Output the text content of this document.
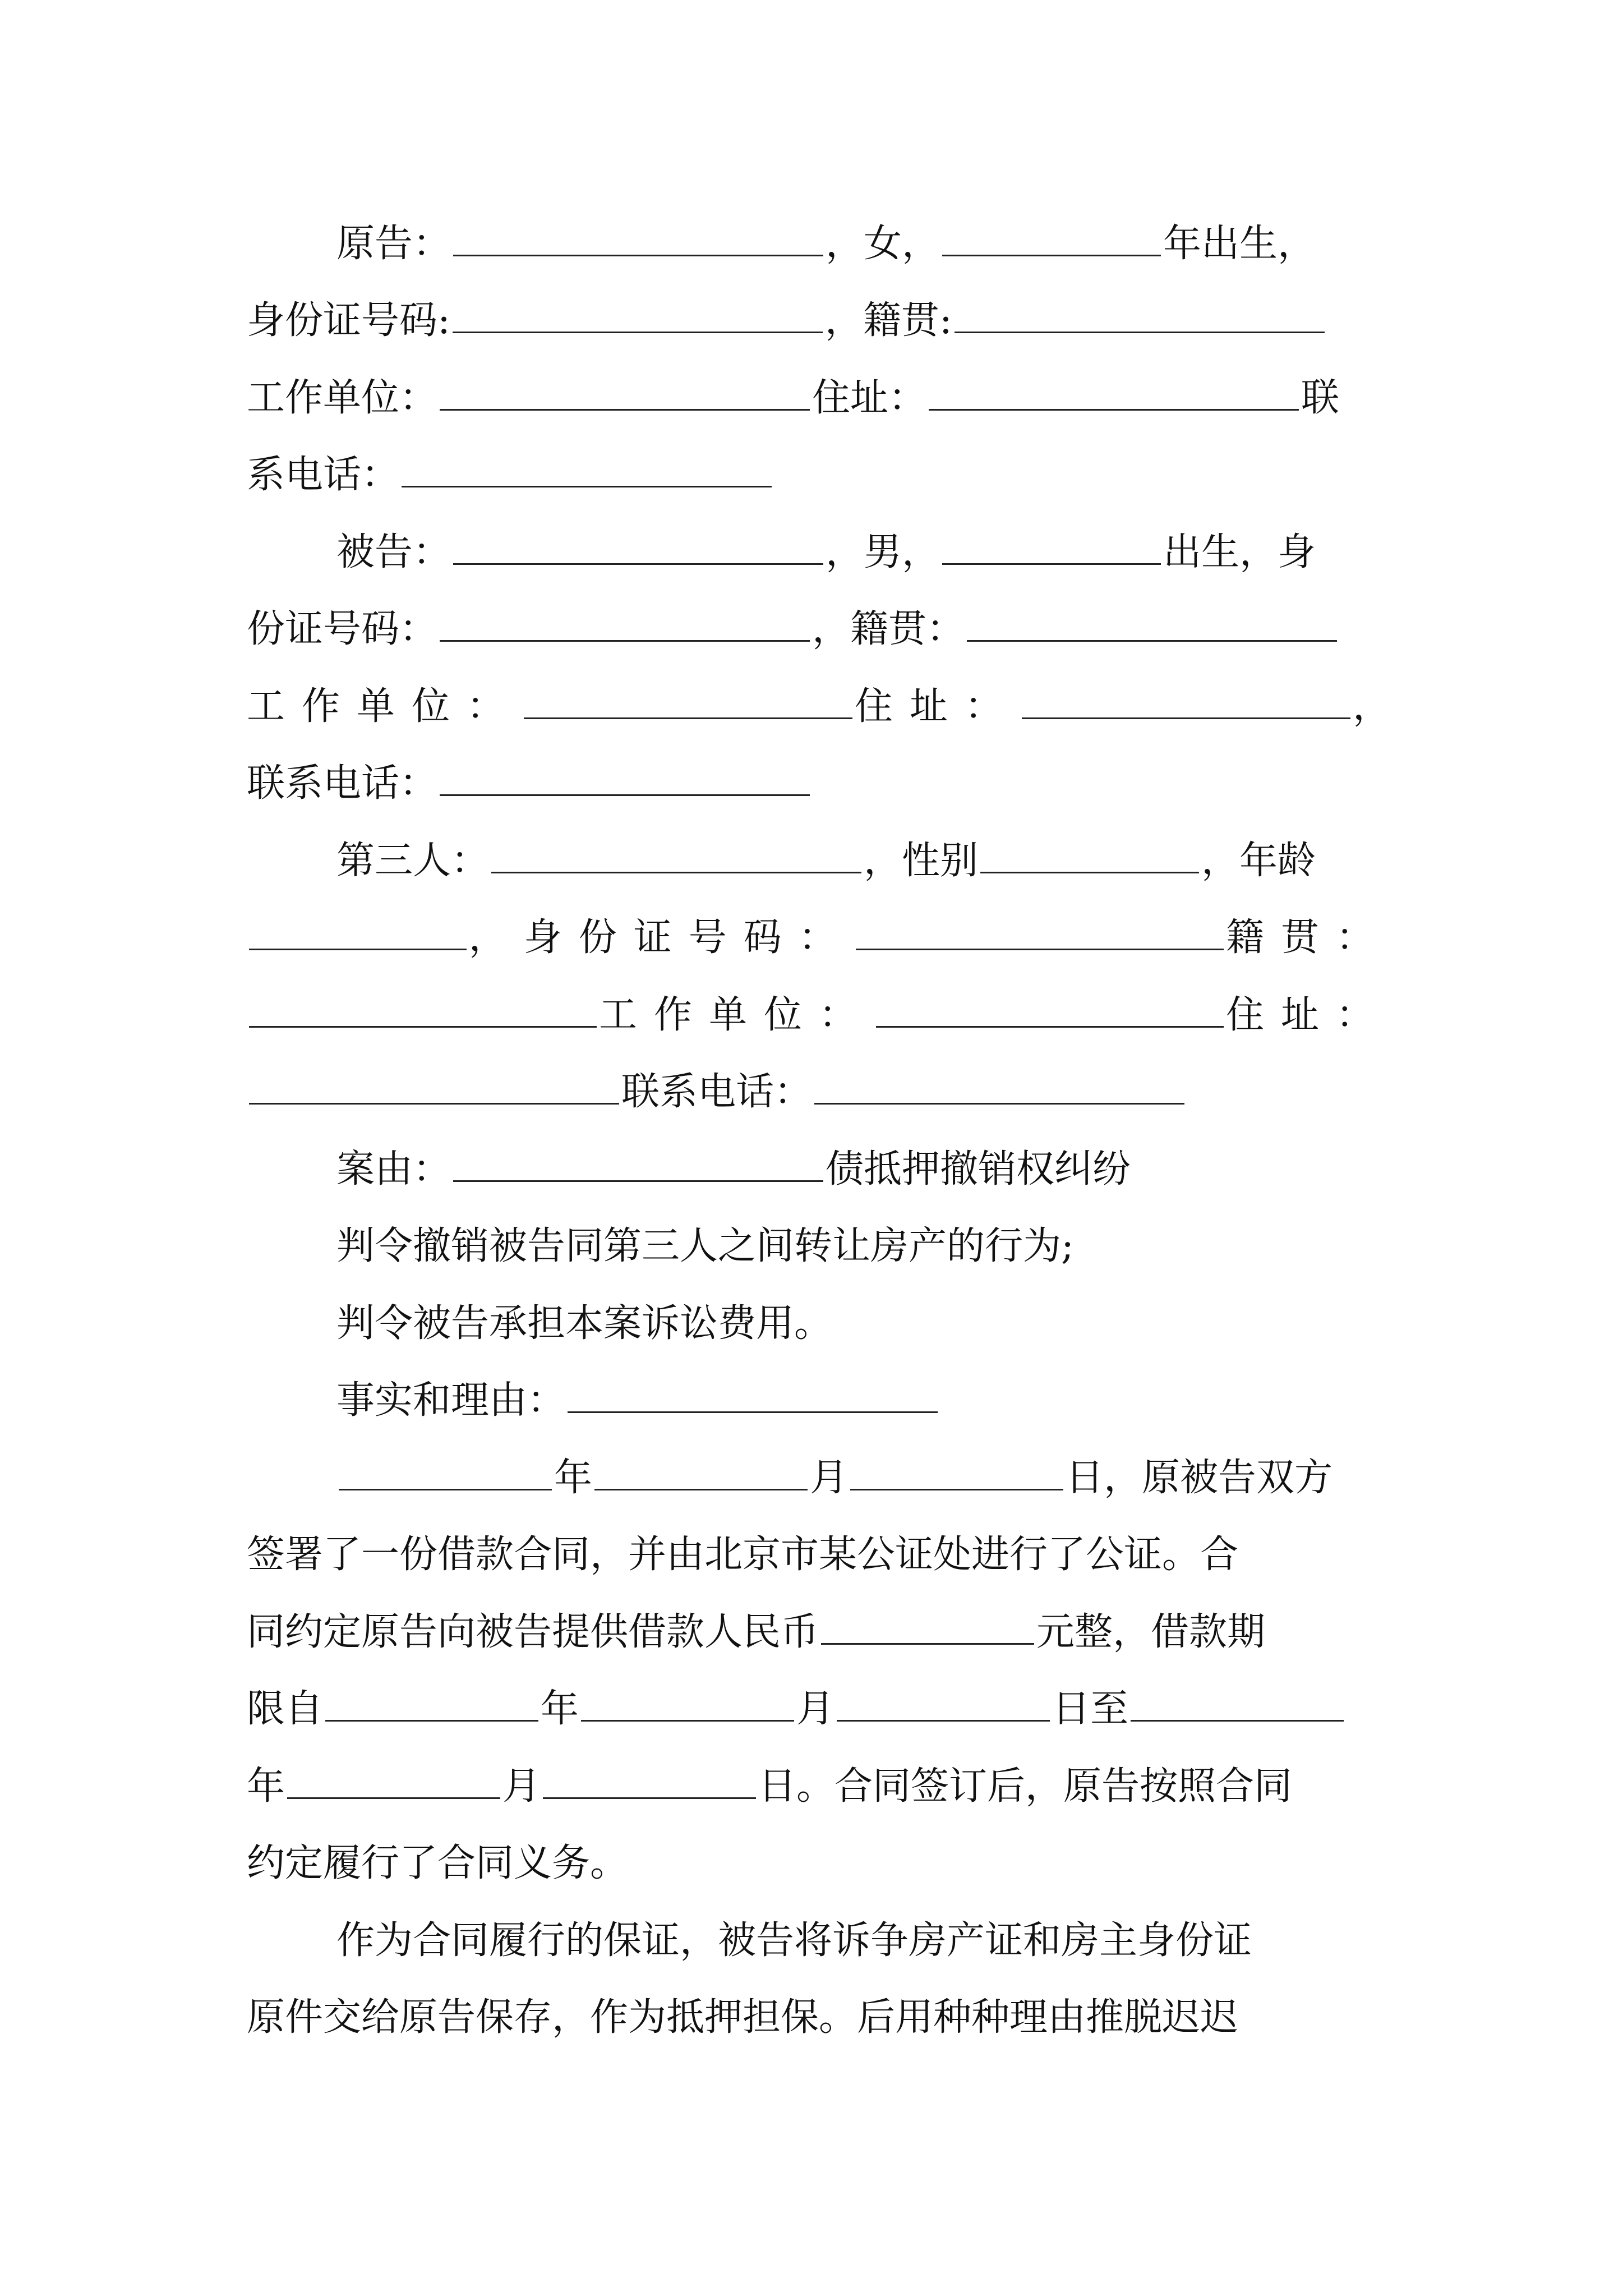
原告：	，女，	年出生，
身份证号码:	，籍贯:
工作单位：	住址：	联
系电话：
被告：	，男，	出生，身
份证号码：	，籍贯：
工作单位：	住址：	，
联系电话：
第三人：	，性别	，年龄
，身份证号码：	籍贯：
工作单位：	住址：
联系电话：
案由：	债抵押撤销权纠纷
判令撤销被告同第三人之间转让房产的行为;
判令被告承担本案诉讼费用。
事实和理由：
年	月	日，原被告双方
签署了一份借款合同，并由北京市某公证处进行了公证。合
同约定原告向被告提供借款人民币	元整，借款期
限自	年	月	日至
年	月	日。合同签订后，原告按照合同
约定履行了合同义务。
作为合同履行的保证，被告将诉争房产证和房主身份证
原件交给原告保存，作为抵押担保。后用种种理由推脱迟迟
